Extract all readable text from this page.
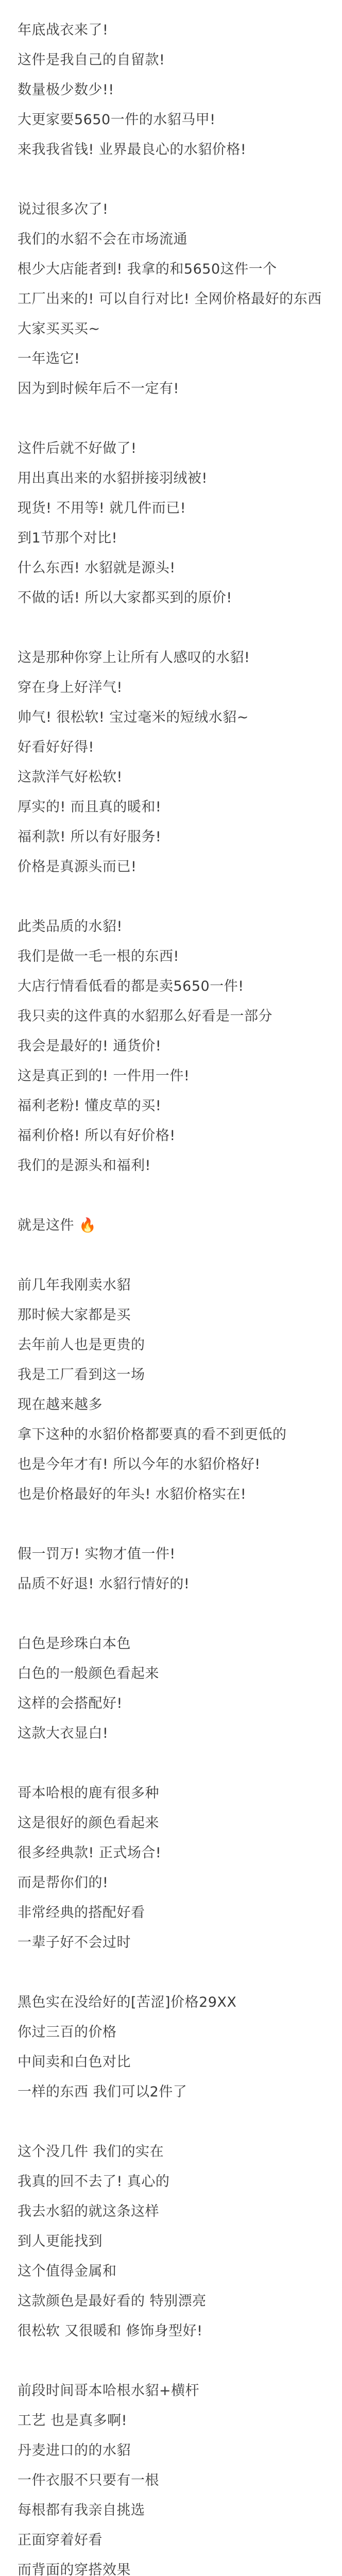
年底战衣来了!
这件是我自己的自留款!
数量极少数少!!
大更家要5650一件的水貂马甲!
来我我省钱! 业界最良心的水貂价格!
说过很多次了!
我们的水貂不会在市场流通
根少大店能者到! 我拿的和5650这件一个
工厂出来的! 可以自行对比! 全网价格最好的东西
大家买买买~
一年选它!
因为到时候年后不一定有!
这件后就不好做了!
用出真出来的水貂拼接羽绒被!
现货! 不用等! 就几件而已!
到1节那个对比!
什么东西! 水貂就是源头!
不做的话! 所以大家都买到的原价!
这是那种你穿上让所有人感叹的水貂!
穿在身上好洋气!
帅气! 很松软! 宝过毫米的短绒水貂~
好看好好得!
这款洋气好松软!
厚实的! 而且真的暖和!
福利款! 所以有好服务!
价格是真源头而已!
此类品质的水貂!
我们是做一毛一根的东西!
大店行情看低看的都是卖5650一件!
我只卖的这件真的水貂那么好看是一部分
我会是最好的! 通货价!
这是真正到的! 一件用一件!
福利老粉! 懂皮草的买!
福利价格! 所以有好价格!
我们的是源头和福利!
就是这件 🔥
前几年我刚卖水貂
那时候大家都是买
去年前人也是更贵的
我是工厂看到这一场
现在越来越多
拿下这种的水貂价格都要真的看不到更低的
也是今年才有! 所以今年的水貂价格好!
也是价格最好的年头! 水貂价格实在!
假一罚万! 实物才值一件!
品质不好退! 水貂行情好的!
白色是珍珠白本色
白色的一般颜色看起来
这样的会搭配好!
这款大衣显白!
哥本哈根的鹿有很多种
这是很好的颜色看起来
很多经典款! 正式场合!
而是帮你们的!
非常经典的搭配好看
一辈子好不会过时
黑色实在没给好的[苦涩]价格29XX
你过三百的价格
中间卖和白色对比
一样的东西 我们可以2件了
这个没几件 我们的实在
我真的回不去了! 真心的
我去水貂的就这条这样
到人更能找到
这个值得金属和
这款颜色是最好看的 特别漂亮
很松软 又很暖和 修饰身型好!
前段时间哥本哈根水貂+横杆
工艺 也是真多啊!
丹麦进口的的水貂
一件衣服不只要有一根
每根都有我亲自挑选
正面穿着好看
而背面的穿搭效果
